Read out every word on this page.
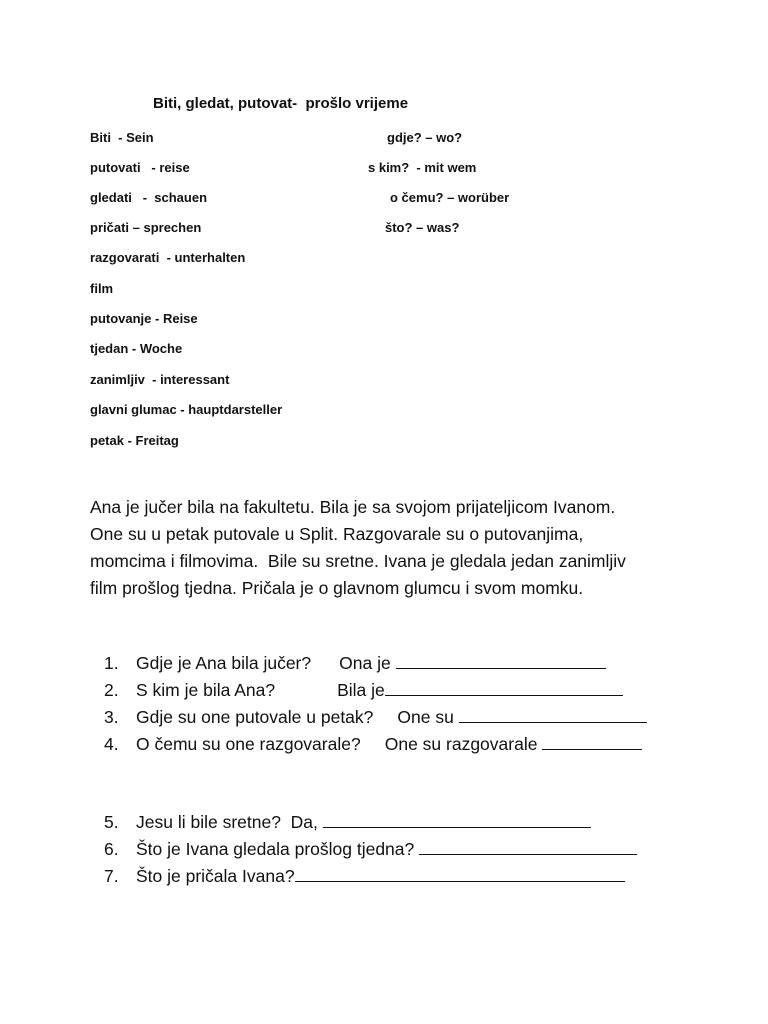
Biti, gledat, putovat-  prošlo vrijeme
Biti  - Sein
putovati   - reise
gledati   -  schauen
pričati – sprechen
razgovarati  - unterhalten
film
putovanje - Reise
tjedan - Woche
zanimljiv  - interessant
glavni glumac - hauptdarsteller
petak - Freitag
gdje? – wo?
s kim?  - mit wem
o čemu? – worüber
što? – was?
Ana je jučer bila na fakultetu. Bila je sa svojom prijateljicom Ivanom.
One su u petak putovale u Split. Razgovarale su o putovanjima,
momcima i filmovima.  Bile su sretne. Ivana je gledala jedan zanimljiv
film prošlog tjedna. Pričala je o glavnom glumcu i svom momku.
1. Gdje je Ana bila jučer? Ona je
2. S kim je bila Ana?	Bila je
3. Gdje su one putovale u petak? One su
4. O čemu su one razgovarale? One su razgovarale
5. Jesu li bile sretne?  Da,
6. Što je Ivana gledala prošlog tjedna?
7. Što je pričala Ivana?
